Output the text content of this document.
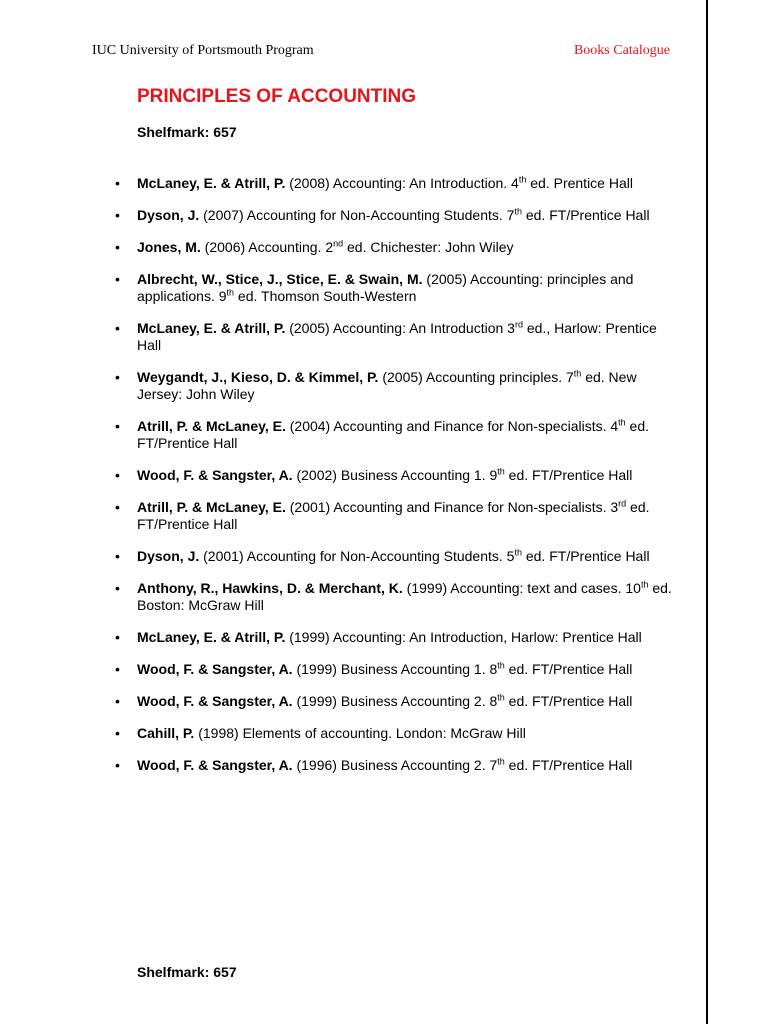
IUC University of Portsmouth Program	Books Catalogue
PRINCIPLES OF ACCOUNTING
Shelfmark: 657
• McLaney, E. & Atrill, P. (2008) Accounting: An Introduction. 4th ed. Prentice Hall
• Dyson, J. (2007) Accounting for Non-Accounting Students. 7th ed. FT/Prentice Hall
• Jones, M. (2006) Accounting. 2nd ed. Chichester: John Wiley
• Albrecht, W., Stice, J., Stice, E. & Swain, M. (2005) Accounting: principles and applications. 9th ed. Thomson South-Western
• McLaney, E. & Atrill, P. (2005) Accounting: An Introduction 3rd ed., Harlow: Prentice Hall
• Weygandt, J., Kieso, D. & Kimmel, P. (2005) Accounting principles. 7th ed. New Jersey: John Wiley
• Atrill, P. & McLaney, E. (2004) Accounting and Finance for Non-specialists. 4th ed. FT/Prentice Hall
• Wood, F. & Sangster, A. (2002) Business Accounting 1. 9th ed. FT/Prentice Hall
• Atrill, P. & McLaney, E. (2001) Accounting and Finance for Non-specialists. 3rd ed. FT/Prentice Hall
• Dyson, J. (2001) Accounting for Non-Accounting Students. 5th ed. FT/Prentice Hall
• Anthony, R., Hawkins, D. & Merchant, K. (1999) Accounting: text and cases. 10th ed. Boston: McGraw Hill
• McLaney, E. & Atrill, P. (1999) Accounting: An Introduction, Harlow: Prentice Hall
• Wood, F. & Sangster, A. (1999) Business Accounting 1. 8th ed. FT/Prentice Hall
• Wood, F. & Sangster, A. (1999) Business Accounting 2. 8th ed. FT/Prentice Hall
• Cahill, P. (1998) Elements of accounting. London: McGraw Hill
• Wood, F. & Sangster, A. (1996) Business Accounting 2. 7th ed. FT/Prentice Hall
Shelfmark: 657
